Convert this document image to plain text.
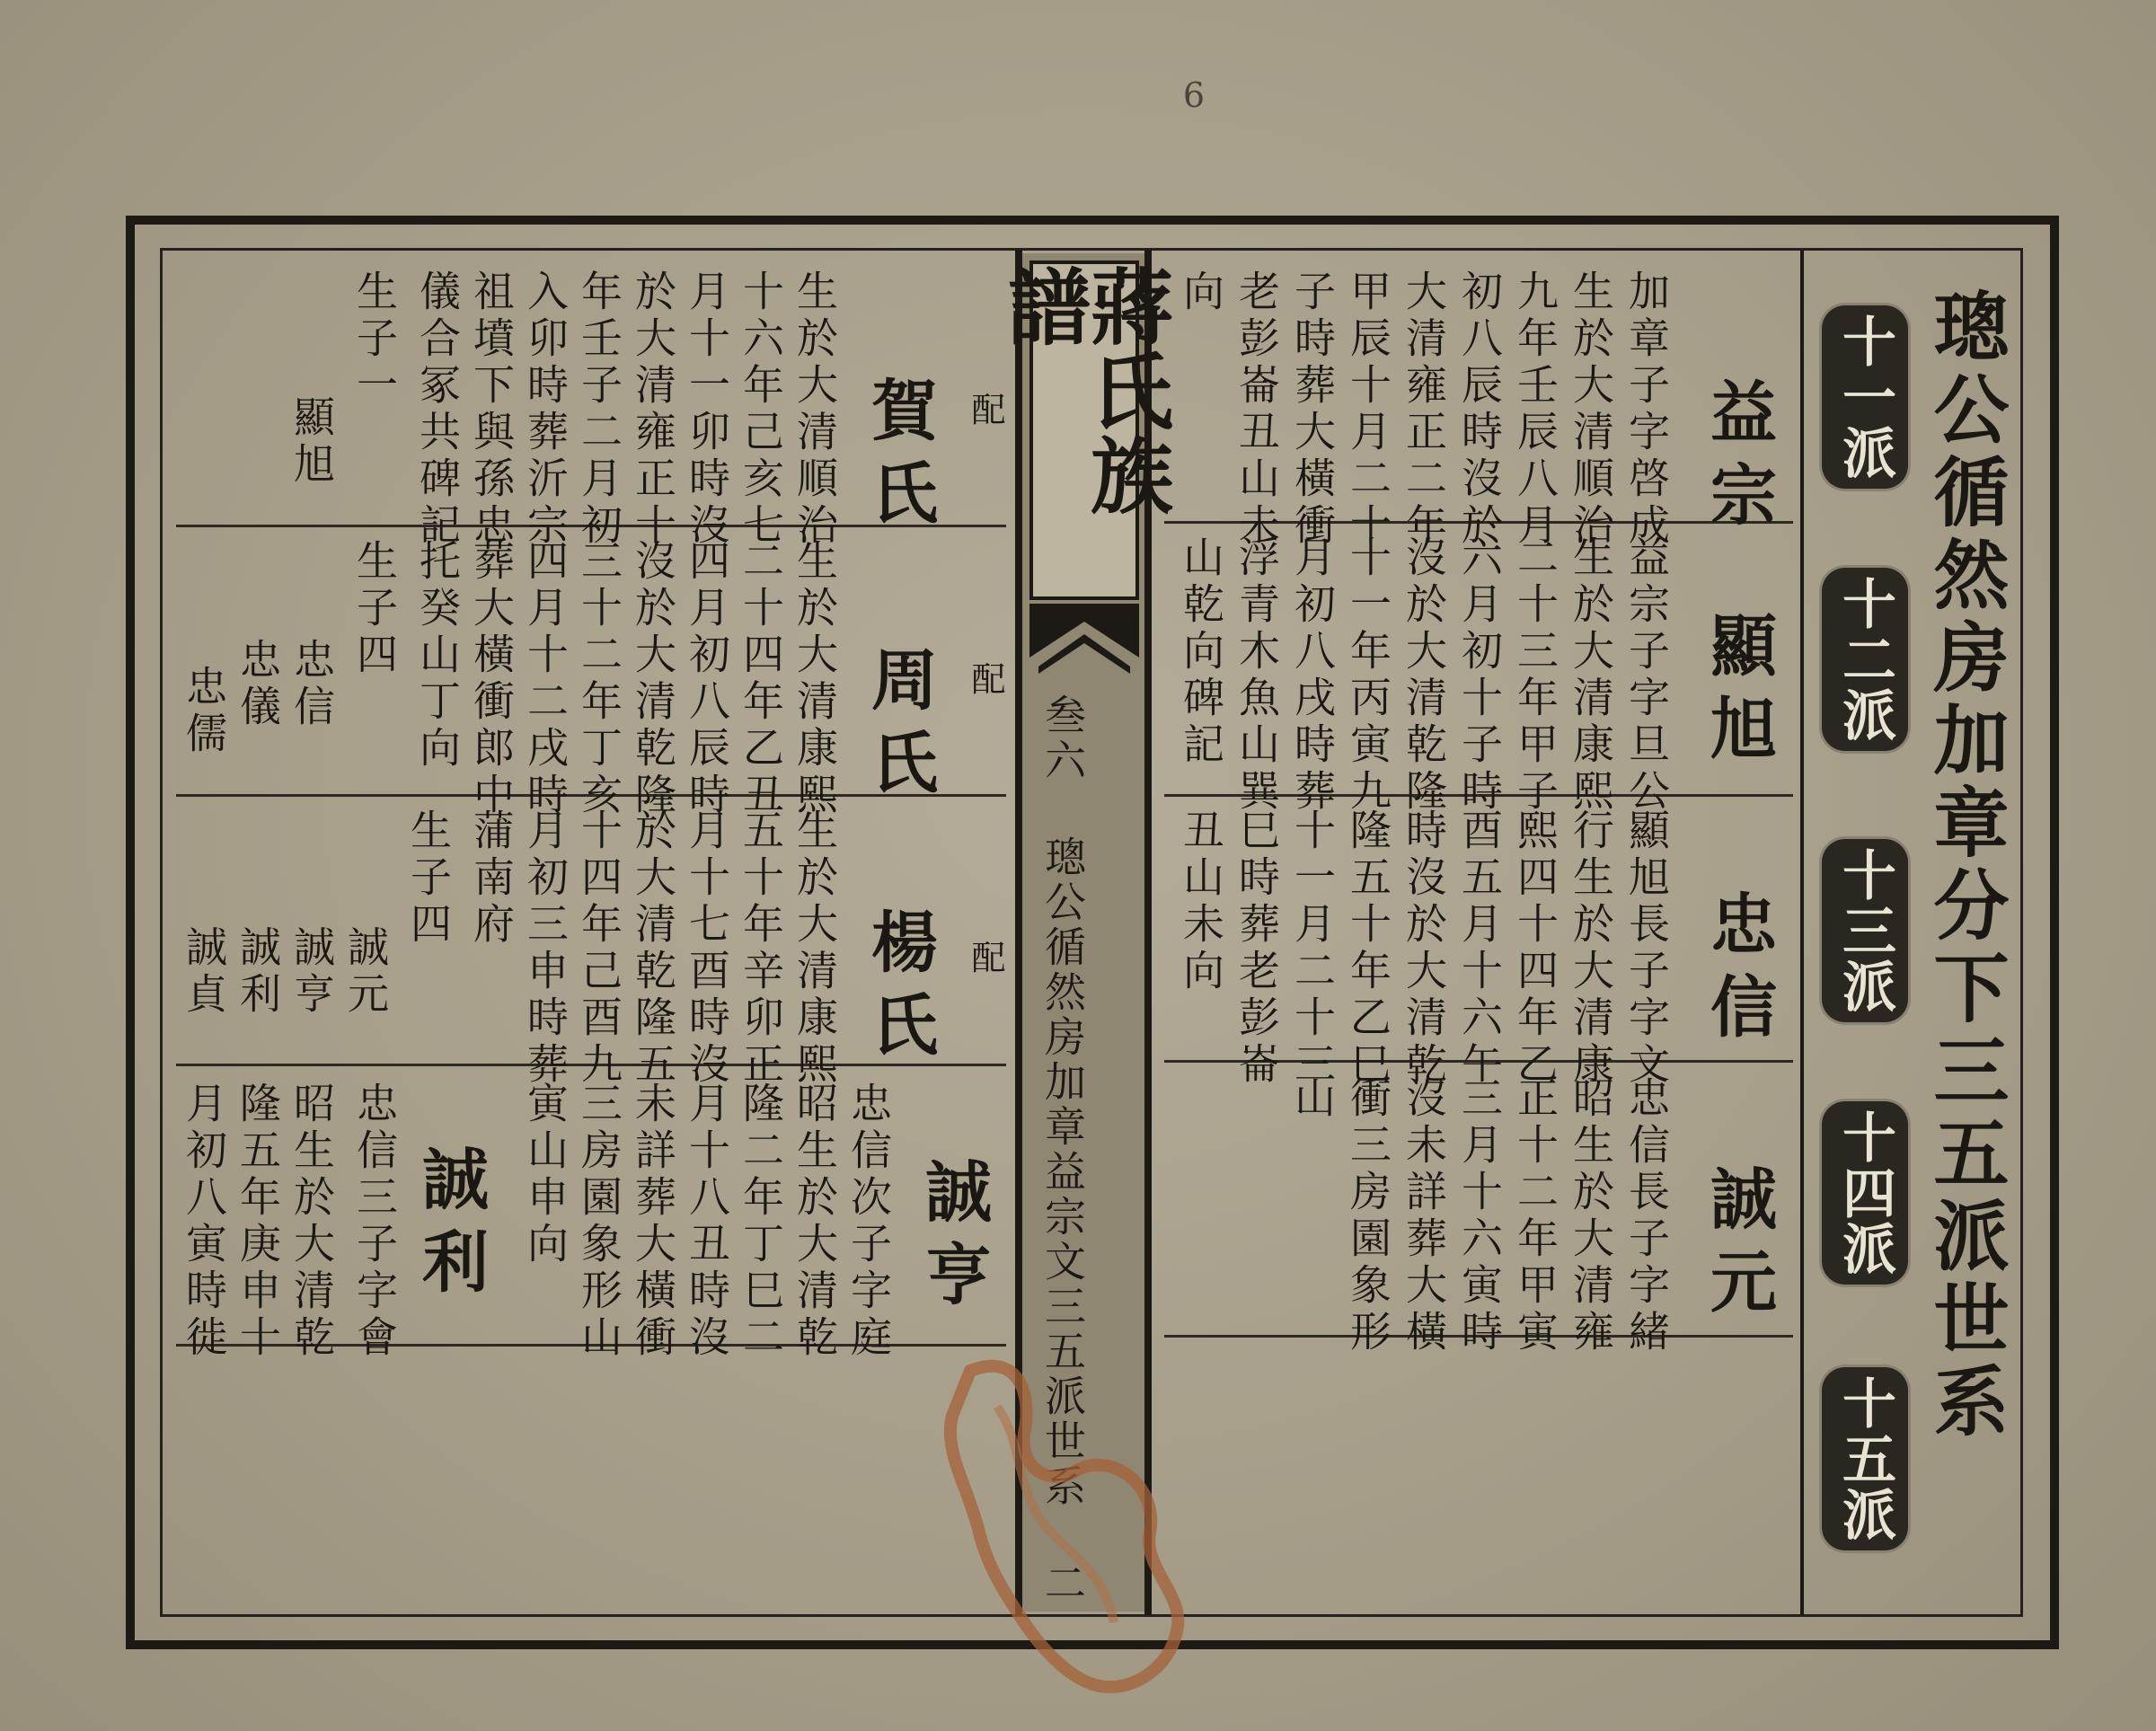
6
蔣氏族譜
叁六 璁公循然房加章益宗文三五派世系 二	璁公循然房加章分下三五派世系
十一派
十二派
十三派
十四派
十五派
益宗
加章子字啓成
生於大清順治
九年壬辰八月
初八辰時沒於
大清雍正二年
甲辰十月二十
子時葬大橫衝
老彭崙丑山未
向
顯旭
益宗子字旦公
生於大清康熙
二十三年甲子
六月初十子時
沒於大清乾隆
十一年丙寅九
月初八戌時葬
浮青木魚山巽
山乾向碑記
忠信
顯旭長子字文
行生於大清康
熙四十四年乙
酉五月十六午
時沒於大清乾
隆五十年乙巳
十一月二十三
巳時葬老彭崙
丑山未向
誠元
忠信長子字緒
昭生於大清雍
正十二年甲寅
三月十六寅時
沒未詳葬大橫
衝三房園象形
山
配
賀氏
配
周氏
配
楊氏
誠亨
忠信次子字庭
昭生於大清乾
隆二年丁巳二
月十八丑時沒
未詳葬大橫衝
三房園象形山
生於大清順治
十六年己亥七
月十一卯時沒
於大清雍正十
年壬子二月初
入卯時葬沂宗
祖墳下與孫忠
儀合冢共碑記
生於大清康熙
二十四年乙丑
四月初八辰時
沒於大清乾隆
三十二年丁亥
四月十二戌時
葬大橫衝郎中
托癸山丁向
生於大清康熙
五十年辛卯正
月十七酉時沒
於大清乾隆五
十四年己酉九
月初三申時葬
蒲南府
寅山申向
生子一
顯旭
生子四
忠信
忠儀
忠儒
生子四
誠元
誠亨
誠利
誠貞
誠利
忠信三子字會
昭生於大清乾
隆五年庚申十
月初八寅時徙
